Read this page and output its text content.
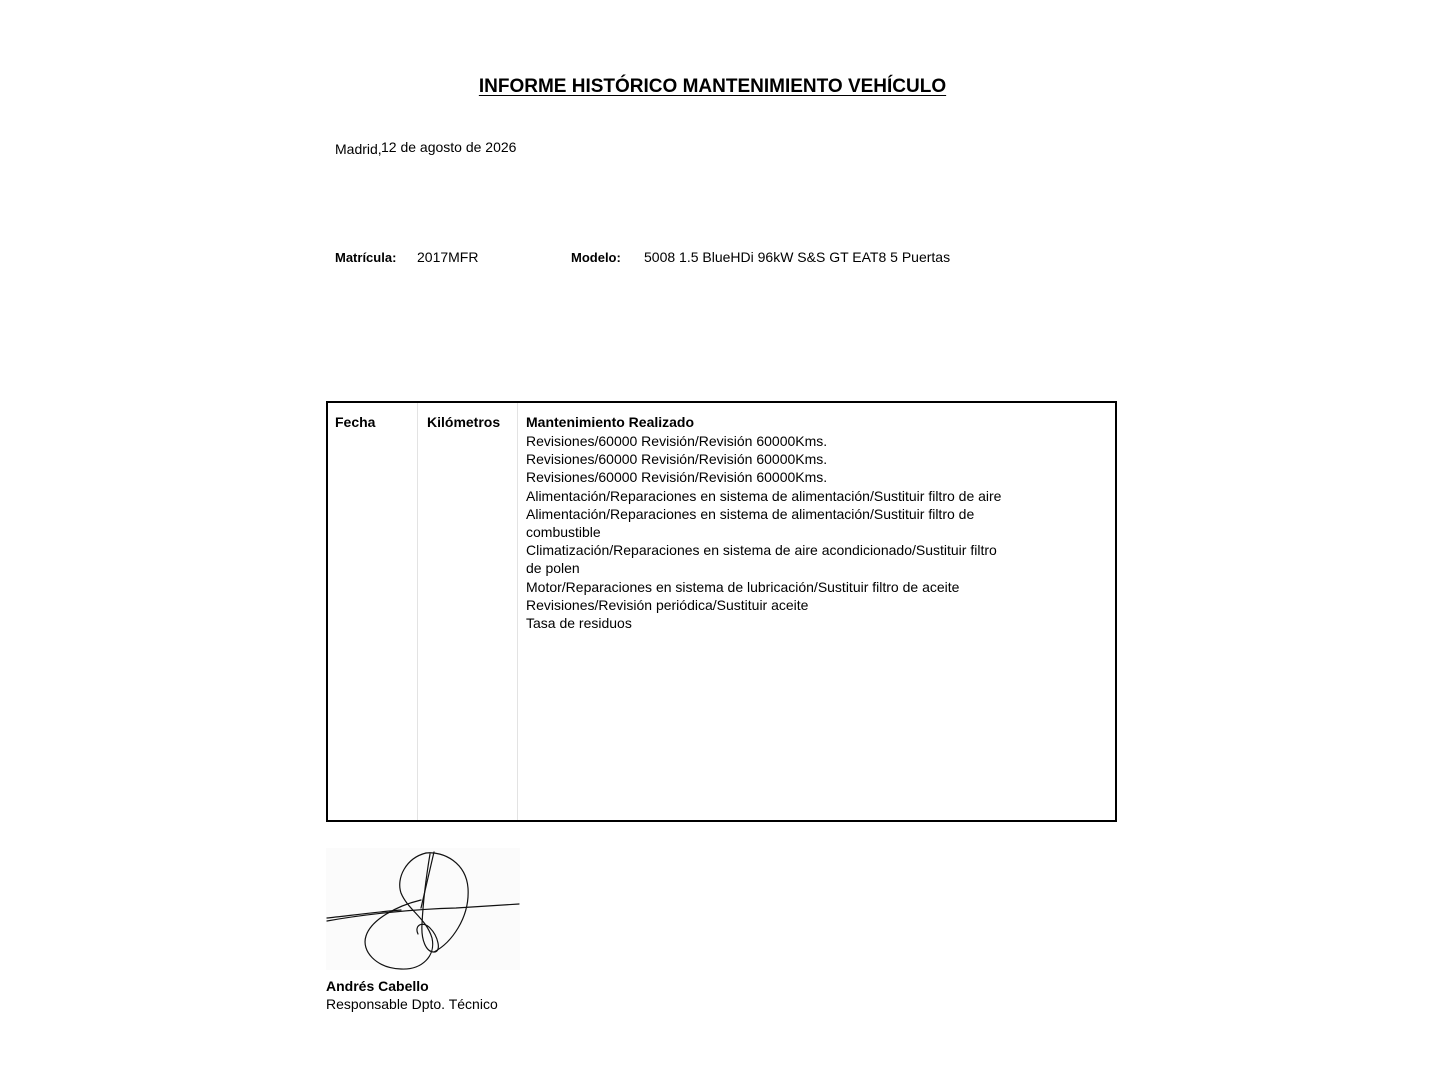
INFORME HISTÓRICO MANTENIMIENTO VEHÍCULO
Madrid, 12 de agosto de 2026
Matrícula: 2017MFR	Modelo: 5008 1.5 BlueHDi 96kW S&S GT EAT8 5 Puertas
Fecha	Kilómetros Mantenimiento Realizado
Revisiones/60000 Revisión/Revisión 60000Kms.
Revisiones/60000 Revisión/Revisión 60000Kms.
Revisiones/60000 Revisión/Revisión 60000Kms.
Alimentación/Reparaciones en sistema de alimentación/Sustituir filtro de aire
Alimentación/Reparaciones en sistema de alimentación/Sustituir filtro de combustible
Climatización/Reparaciones en sistema de aire acondicionado/Sustituir filtro de polen
Motor/Reparaciones en sistema de lubricación/Sustituir filtro de aceite
Revisiones/Revisión periódica/Sustituir aceite
Tasa de residuos
Andrés Cabello
Responsable Dpto. Técnico
